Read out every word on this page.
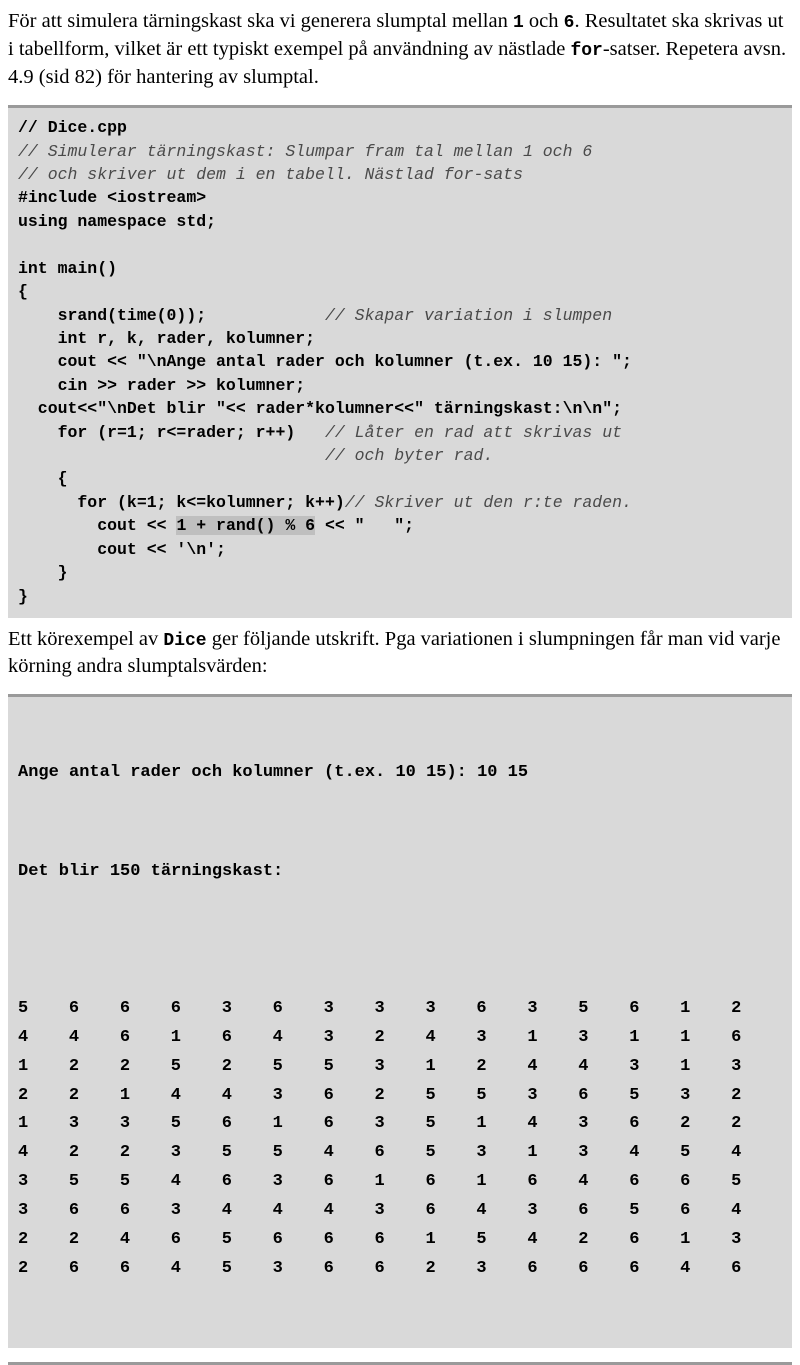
För att simulera tärningskast ska vi generera slumptal mellan 1 och 6. Resultatet ska skrivas ut i tabellform, vilket är ett typiskt exempel på användning av nästlade for-satser. Repetera avsn. 4.9 (sid 82) för hantering av slumptal.

// Dice.cpp
// Simulerar tärningskast: Slumpar fram tal mellan 1 och 6
// och skriver ut dem i en tabell. Nästlad for-sats
#include <iostream>
using namespace std;

int main()
{
srand(time(0));	// Skapar variation i slumpen
int r, k, rader, kolumner;
cout << "\nAnge antal rader och kolumner (t.ex. 10 15): ";
cin >> rader >> kolumner;
cout<<"\nDet blir "<< rader*kolumner<<" tärningskast:\n\n";
for (r=1; r<=rader; r++) // Låter en rad att skrivas ut
// och byter rad.
{
for (k=1; k<=kolumner; k++)// Skriver ut den r:te raden.
cout << 1 + rand() % 6 << "   ";
cout << '\n';
}
}

Ett körexempel av Dice ger följande utskrift. Pga variationen i slumpningen får man vid varje körning andra slumptalsvärden:

Ange antal rader och kolumner (t.ex. 10 15): 10 15

Det blir 150 tärningskast:

5	6	6	6	3	6	3	3	3	6	3	5	6	1	2
4	4	6	1	6	4	3	2	4	3	1	3	1	1	6
1	2	2	5	2	5	5	3	1	2	4	4	3	1	3
2	2	1	4	4	3	6	2	5	5	3	6	5	3	2
1	3	3	5	6	1	6	3	5	1	4	3	6	2	2
4	2	2	3	5	5	4	6	5	3	1	3	4	5	4
3	5	5	4	6	3	6	1	6	1	6	4	6	6	5
3	6	6	3	4	4	4	3	6	4	3	6	5	6	4
2	2	4	6	5	6	6	6	1	5	4	2	6	1	3
2	6	6	4	5	3	6	6	2	3	6	6	6	4	6
